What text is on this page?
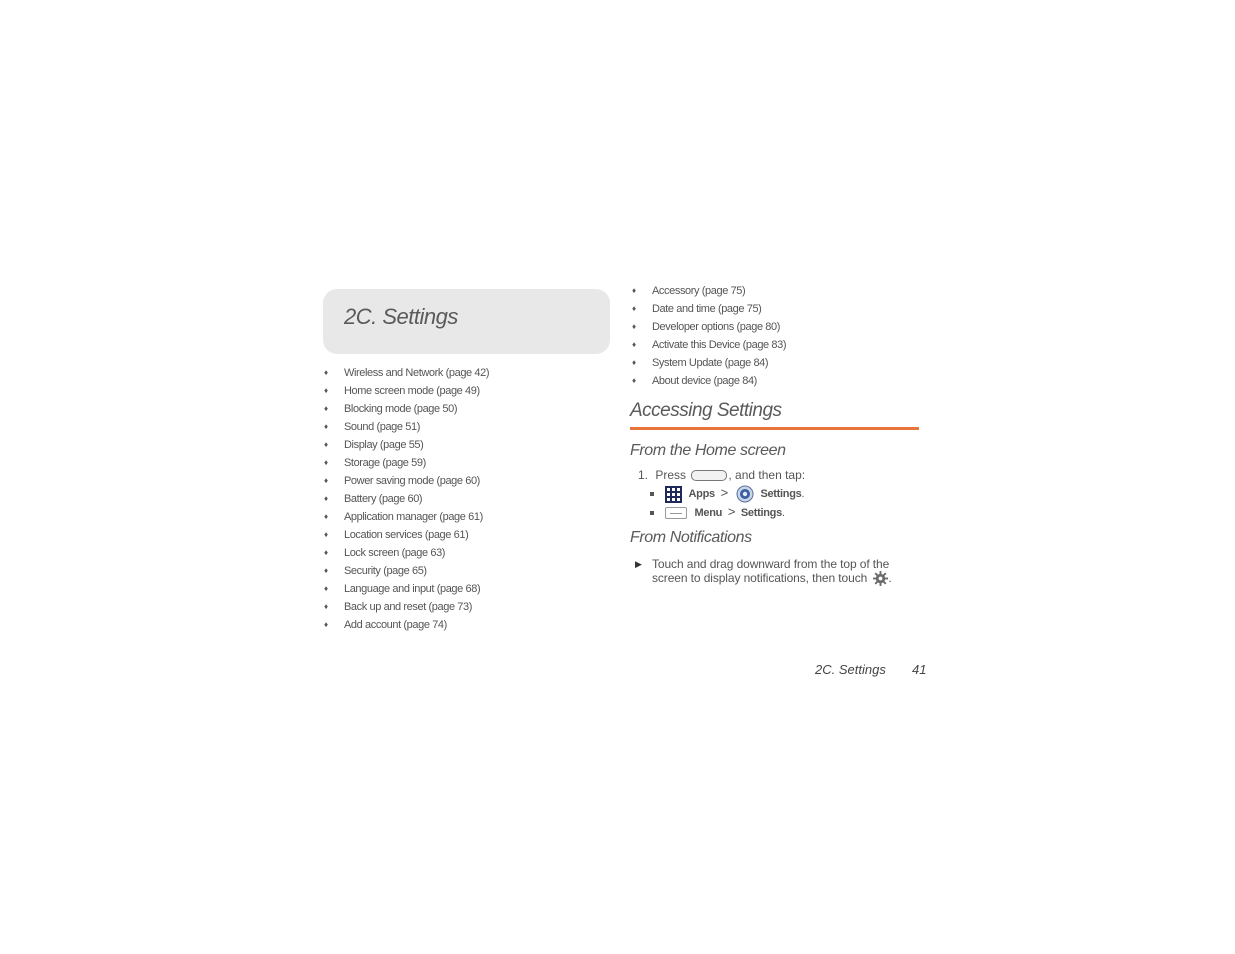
2C. Settings
♦ Wireless and Network (page 42)
♦ Home screen mode (page 49)
♦ Blocking mode (page 50)
♦ Sound (page 51)
♦ Display (page 55)
♦ Storage (page 59)
♦ Power saving mode (page 60)
♦ Battery (page 60)
♦ Application manager (page 61)
♦ Location services (page 61)
♦ Lock screen (page 63)
♦ Security (page 65)
♦ Language and input (page 68)
♦ Back up and reset (page 73)
♦ Add account (page 74)
♦ Accessory (page 75)
♦ Date and time (page 75)
♦ Developer options (page 80)
♦ Activate this Device (page 83)
♦ System Update (page 84)
♦ About device (page 84)
Accessing Settings
From the Home screen
1. Press	, and then tap:
Apps >	Settings.
Menu > Settings.
From Notifications
▶ Touch and drag downward from the top of the screen to display notifications, then touch .
2C. Settings 41
